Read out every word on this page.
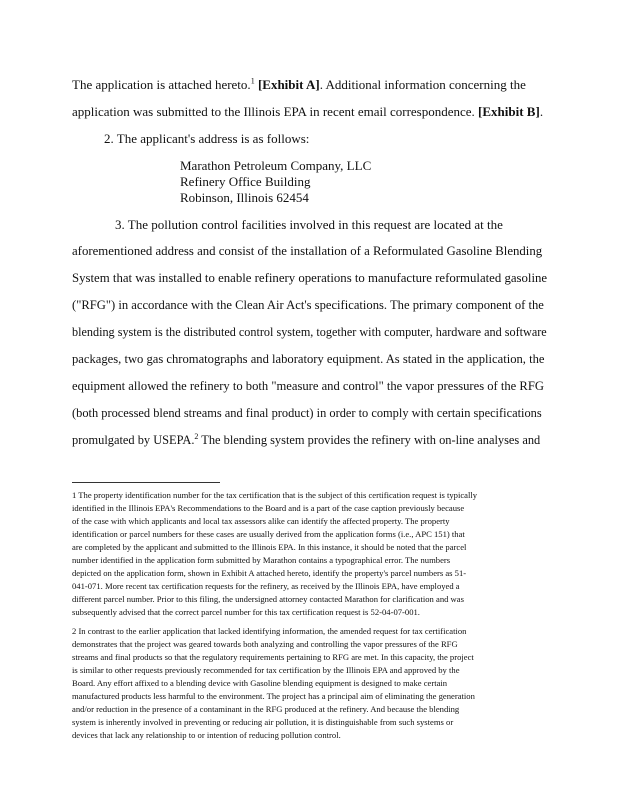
The application is attached hereto.$^1$ [Exhibit A]. Additional information concerning the
application was submitted to the Illinois EPA in recent email correspondence. [Exhibit B].
2. The applicant's address is as follows:
Marathon Petroleum Company, LLC
Refinery Office Building
Robinson, Illinois 62454
3. The pollution control facilities involved in this request are located at the
aforementioned address and consist of the installation of a Reformulated Gasoline Blending
System that was installed to enable refinery operations to manufacture reformulated gasoline
("RFG") in accordance with the Clean Air Act's specifications. The primary component of the
blending system is the distributed control system, together with computer, hardware and software
packages, two gas chromatographs and laboratory equipment. As stated in the application, the
equipment allowed the refinery to both "measure and control" the vapor pressures of the RFG
(both processed blend streams and final product) in order to comply with certain specifications
promulgated by USEPA.$^2$ The blending system provides the refinery with on-line analyses and
1 The property identification number for the tax certification that is the subject of this certification request is typically
identified in the Illinois EPA's Recommendations to the Board and is a part of the case caption previously because
of the case with which applicants and local tax assessors alike can identify the affected property. The property
identification or parcel numbers for these cases are usually derived from the application forms (i.e., APC 151) that
are completed by the applicant and submitted to the Illinois EPA. In this instance, it should be noted that the parcel
number identified in the application form submitted by Marathon contains a typographical error. The numbers
depicted on the application form, shown in Exhibit A attached hereto, identify the property's parcel numbers as 51-
041-071. More recent tax certification requests for the refinery, as received by the Illinois EPA, have employed a
different parcel number. Prior to this filing, the undersigned attorney contacted Marathon for clarification and was
subsequently advised that the correct parcel number for this tax certification request is 52-04-07-001.
2 In contrast to the earlier application that lacked identifying information, the amended request for tax certification
demonstrates that the project was geared towards both analyzing and controlling the vapor pressures of the RFG
streams and final products so that the regulatory requirements pertaining to RFG are met. In this capacity, the project
is similar to other requests previously recommended for tax certification by the Illinois EPA and approved by the
Board. Any effort affixed to a blending device with Gasoline blending equipment is designed to make certain
manufactured products less harmful to the environment. The project has a principal aim of eliminating the generation
and/or reduction in the presence of a contaminant in the RFG produced at the refinery. And because the blending
system is inherently involved in preventing or reducing air pollution, it is distinguishable from such systems or
devices that lack any relationship to or intention of reducing pollution control.
